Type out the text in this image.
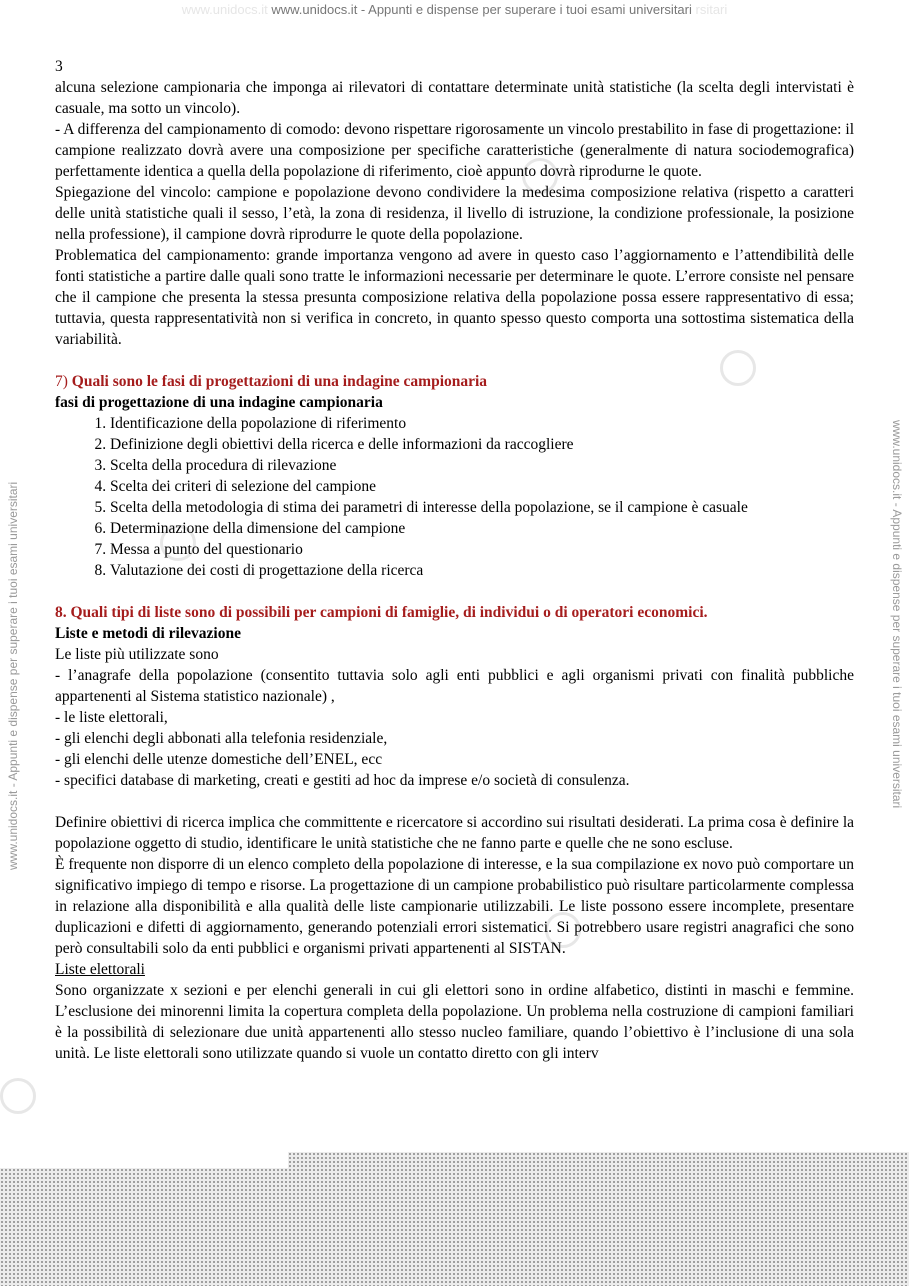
www.unidocs.it www.unidocs.it - Appunti e dispense per superare i tuoi esami universitari rsitari
www.unidocs.it - Appunti e dispense per superare i tuoi esami universitari	www.unidocs.it - Appunti e dispense per superare i tuoi esami universitari

3

alcuna selezione campionaria che imponga ai rilevatori di contattare determinate unità statistiche (la scelta degli intervistati è casuale, ma sotto un vincolo).

- A differenza del campionamento di comodo: devono rispettare rigorosamente un vincolo prestabilito in fase di progettazione: il campione realizzato dovrà avere una composizione per specifiche caratteristiche (generalmente di natura sociodemografica) perfettamente identica a quella della popolazione di riferimento, cioè appunto dovrà riprodurne le quote.

Spiegazione del vincolo: campione e popolazione devono condividere la medesima composizione relativa (rispetto a caratteri delle unità statistiche quali il sesso, l’età, la zona di residenza, il livello di istruzione, la condizione professionale, la posizione nella professione), il campione dovrà riprodurre le quote della popolazione.

Problematica del campionamento: grande importanza vengono ad avere in questo caso l’aggiornamento e l’attendibilità delle fonti statistiche a partire dalle quali sono tratte le informazioni necessarie per determinare le quote. L’errore consiste nel pensare che il campione che presenta la stessa presunta composizione relativa della popolazione possa essere rappresentativo di essa; tuttavia, questa rappresentatività non si verifica in concreto, in quanto spesso questo comporta una sottostima sistematica della variabilità.

7) Quali sono le fasi di progettazioni di una indagine campionaria

fasi di progettazione di una indagine campionaria

1. Identificazione della popolazione di riferimento
2. Definizione degli obiettivi della ricerca e delle informazioni da raccogliere
3. Scelta della procedura di rilevazione
4. Scelta dei criteri di selezione del campione
5. Scelta della metodologia di stima dei parametri di interesse della popolazione, se il campione è casuale
6. Determinazione della dimensione del campione
7. Messa a punto del questionario
8. Valutazione dei costi di progettazione della ricerca

8. Quali tipi di liste sono di possibili per campioni di famiglie, di individui o di operatori economici.

Liste e metodi di rilevazione

Le liste più utilizzate sono

- l’anagrafe della popolazione (consentito tuttavia solo agli enti pubblici e agli organismi privati con finalità pubbliche appartenenti al Sistema statistico nazionale) ,

- le liste elettorali,

- gli elenchi degli abbonati alla telefonia residenziale,

- gli elenchi delle utenze domestiche dell’ENEL, ecc

- specifici database di marketing, creati e gestiti ad hoc da imprese e/o società di consulenza.

Definire obiettivi di ricerca implica che committente e ricercatore si accordino sui risultati desiderati. La prima cosa è definire la popolazione oggetto di studio, identificare le unità statistiche che ne fanno parte e quelle che ne sono escluse.

È frequente non disporre di un elenco completo della popolazione di interesse, e la sua compilazione ex novo può comportare un significativo impiego di tempo e risorse. La progettazione di un campione probabilistico può risultare particolarmente complessa in relazione alla disponibilità e alla qualità delle liste campionarie utilizzabili. Le liste possono essere incomplete, presentare duplicazioni e difetti di aggiornamento, generando potenziali errori sistematici. Si potrebbero usare registri anagrafici che sono però consultabili solo da enti pubblici e organismi privati appartenenti al SISTAN.

Liste elettorali

Sono organizzate x sezioni e per elenchi generali in cui gli elettori sono in ordine alfabetico, distinti in maschi e femmine. L’esclusione dei minorenni limita la copertura completa della popolazione. Un problema nella costruzione di campioni familiari è la possibilità di selezionare due unità appartenenti allo stesso nucleo familiare, quando l’obiettivo è l’inclusione di una sola unità. Le liste elettorali sono utilizzate quando si vuole un contatto diretto con gli interv
